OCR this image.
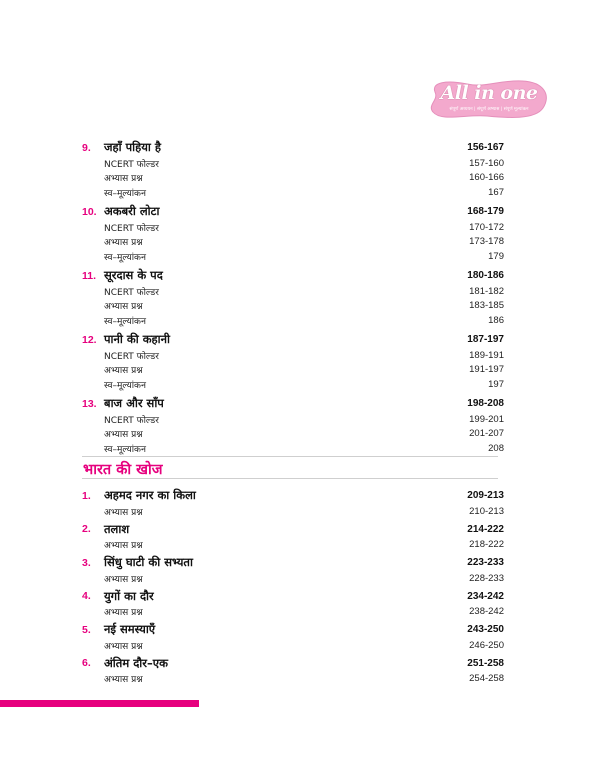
All in one
संपूर्ण अध्ययन | संपूर्ण अभ्यास | संपूर्ण मूल्यांकन
9.	जहाँ पहिया है	156-167
NCERT फोल्डर	157-160
अभ्यास प्रश्न	160-166
स्व–मूल्यांकन	167
10. अकबरी लोटा	168-179
NCERT फोल्डर	170-172
अभ्यास प्रश्न	173-178
स्व–मूल्यांकन	179
11. सूरदास के पद	180-186
NCERT फोल्डर	181-182
अभ्यास प्रश्न	183-185
स्व–मूल्यांकन	186
12. पानी की कहानी	187-197
NCERT फोल्डर	189-191
अभ्यास प्रश्न	191-197
स्व–मूल्यांकन	197
13. बाज और साँप	198-208
NCERT फोल्डर	199-201
अभ्यास प्रश्न	201-207
स्व–मूल्यांकन	208
भारत की खोज
1.	अहमद नगर का किला	209-213
अभ्यास प्रश्न	210-213
2.	तलाश	214-222
अभ्यास प्रश्न	218-222
3.	सिंधु घाटी की सभ्यता	223-233
अभ्यास प्रश्न	228-233
4.	युगों का दौर	234-242
अभ्यास प्रश्न	238-242
5.	नई समस्याएँ	243-250
अभ्यास प्रश्न	246-250
6.	अंतिम दौर–एक	251-258
अभ्यास प्रश्न	254-258
